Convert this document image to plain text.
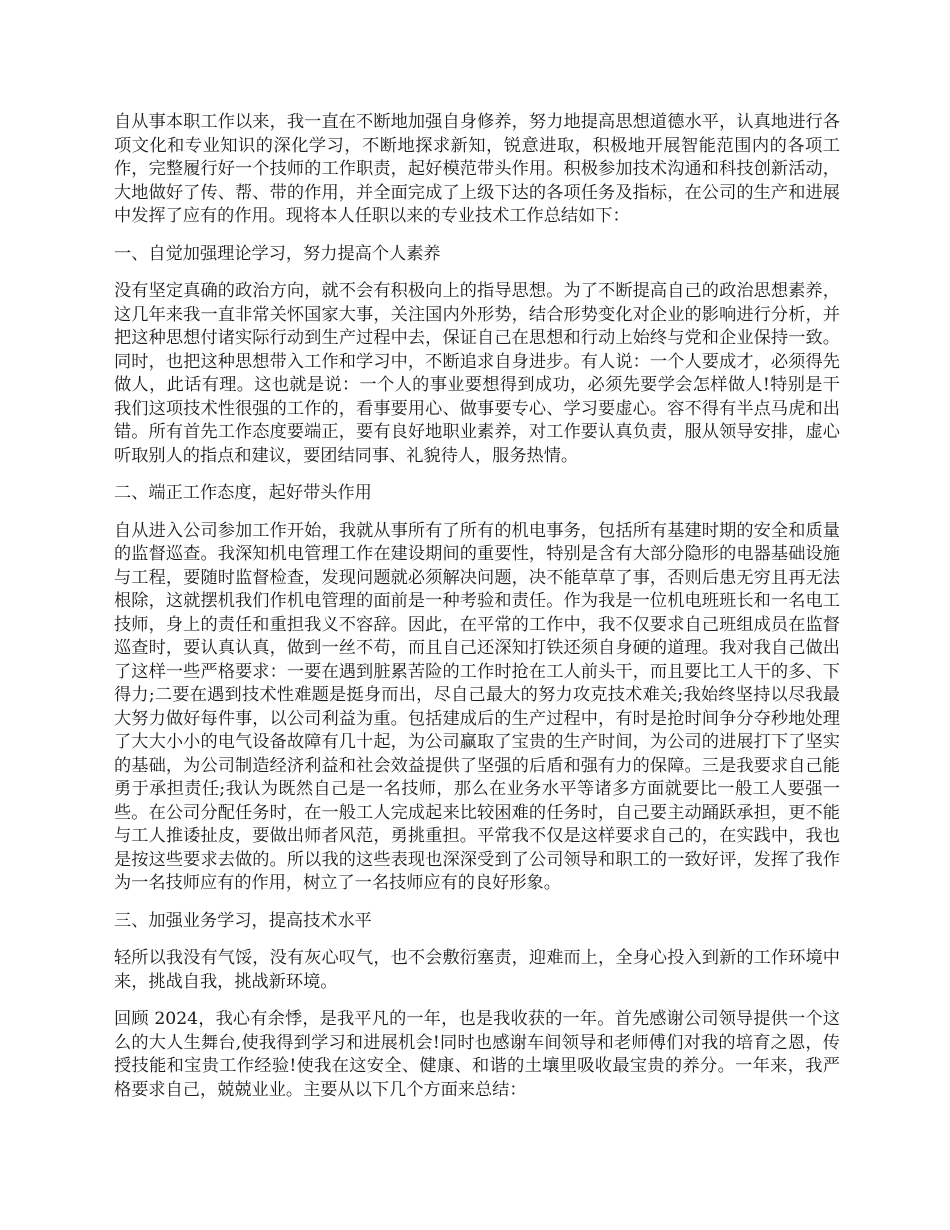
自从事本职工作以来，我一直在不断地加强自身修养，努力地提高思想道德水平，认真地进行各项文化和专业知识的深化学习，不断地探求新知，锐意进取，积极地开展智能范围内的各项工作，完整履行好一个技师的工作职责，起好模范带头作用。积极参加技术沟通和科技创新活动，大地做好了传、帮、带的作用，并全面完成了上级下达的各项任务及指标，在公司的生产和进展中发挥了应有的作用。现将本人任职以来的专业技术工作总结如下：

一、自觉加强理论学习，努力提高个人素养

没有坚定真确的政治方向，就不会有积极向上的指导思想。为了不断提高自己的政治思想素养，这几年来我一直非常关怀国家大事，关注国内外形势，结合形势变化对企业的影响进行分析，并把这种思想付诸实际行动到生产过程中去，保证自己在思想和行动上始终与党和企业保持一致。同时，也把这种思想带入工作和学习中，不断追求自身进步。有人说：一个人要成才，必须得先做人，此话有理。这也就是说：一个人的事业要想得到成功，必须先要学会怎样做人!特别是干我们这项技术性很强的工作的，看事要用心、做事要专心、学习要虚心。容不得有半点马虎和出错。所有首先工作态度要端正，要有良好地职业素养，对工作要认真负责，服从领导安排，虚心听取别人的指点和建议，要团结同事、礼貌待人，服务热情。

二、端正工作态度，起好带头作用

自从进入公司参加工作开始，我就从事所有了所有的机电事务，包括所有基建时期的安全和质量的监督巡查。我深知机电管理工作在建设期间的重要性，特别是含有大部分隐形的电器基础设施与工程，要随时监督检查，发现问题就必须解决问题，决不能草草了事，否则后患无穷且再无法根除，这就摆机我们作机电管理的面前是一种考验和责任。作为我是一位机电班班长和一名电工技师，身上的责任和重担我义不容辞。因此，在平常的工作中，我不仅要求自己班组成员在监督巡查时，要认真认真，做到一丝不苟，而且自己还深知打铁还须自身硬的道理。我对我自己做出了这样一些严格要求：一要在遇到脏累苦险的工作时抢在工人前头干，而且要比工人干的多、下得力;二要在遇到技术性难题是挺身而出，尽自己最大的努力攻克技术难关;我始终坚持以尽我最大努力做好每件事，以公司利益为重。包括建成后的生产过程中，有时是抢时间争分夺秒地处理了大大小小的电气设备故障有几十起，为公司赢取了宝贵的生产时间，为公司的进展打下了坚实的基础，为公司制造经济利益和社会效益提供了坚强的后盾和强有力的保障。三是我要求自己能勇于承担责任;我认为既然自己是一名技师，那么在业务水平等诸多方面就要比一般工人要强一些。在公司分配任务时，在一般工人完成起来比较困难的任务时，自己要主动踊跃承担，更不能与工人推诿扯皮，要做出师者风范，勇挑重担。平常我不仅是这样要求自己的，在实践中，我也是按这些要求去做的。所以我的这些表现也深深受到了公司领导和职工的一致好评，发挥了我作为一名技师应有的作用，树立了一名技师应有的良好形象。

三、加强业务学习，提高技术水平

轻所以我没有气馁，没有灰心叹气，也不会敷衍塞责，迎难而上，全身心投入到新的工作环境中来，挑战自我，挑战新环境。

回顾 2024，我心有余悸，是我平凡的一年，也是我收获的一年。首先感谢公司领导提供一个这么的大人生舞台,使我得到学习和进展机会!同时也感谢车间领导和老师傅们对我的培育之恩，传授技能和宝贵工作经验!使我在这安全、健康、和谐的土壤里吸收最宝贵的养分。一年来，我严格要求自己，兢兢业业。主要从以下几个方面来总结：
